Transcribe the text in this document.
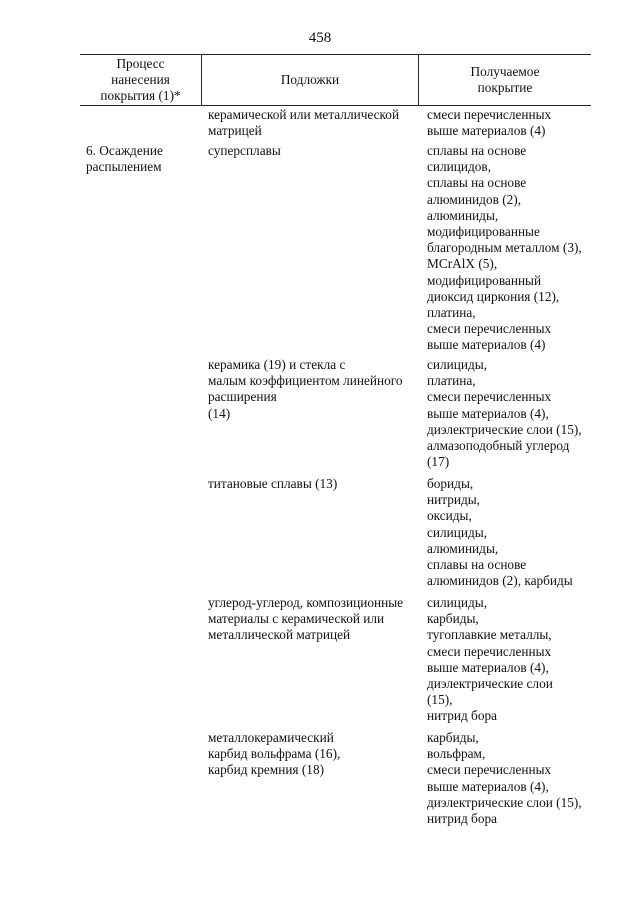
458
Процесс
нанесения
покрытия (1)*
Подложки
Получаемое
покрытие
керамической или металлической
матрицей
смеси перечисленных
выше материалов (4)
6. Осаждение
распылением
суперсплавы	сплавы на основе
силицидов,
сплавы на основе
алюминидов (2),
алюминиды,
модифицированные
благородным металлом (3),
MCrAlX (5),
модифицированный
диоксид циркония (12),
платина,
смеси перечисленных
выше материалов (4)
керамика (19) и стекла с
малым коэффициентом линейного
расширения
(14)
силициды,
платина,
смеси перечисленных
выше материалов (4),
диэлектрические слои (15),
алмазоподобный углерод
(17)
титановые сплавы (13)	бориды,
нитриды,
оксиды,
силициды,
алюминиды,
сплавы на основе
алюминидов (2), карбиды
углерод-углерод, композиционные
материалы с керамической или
металлической матрицей
силициды,
карбиды,
тугоплавкие металлы,
смеси перечисленных
выше материалов (4),
диэлектрические слои
(15),
нитрид бора
металлокерамический
карбид вольфрама (16),
карбид кремния (18)
карбиды,
вольфрам,
смеси перечисленных
выше материалов (4),
диэлектрические слои (15),
нитрид бора
